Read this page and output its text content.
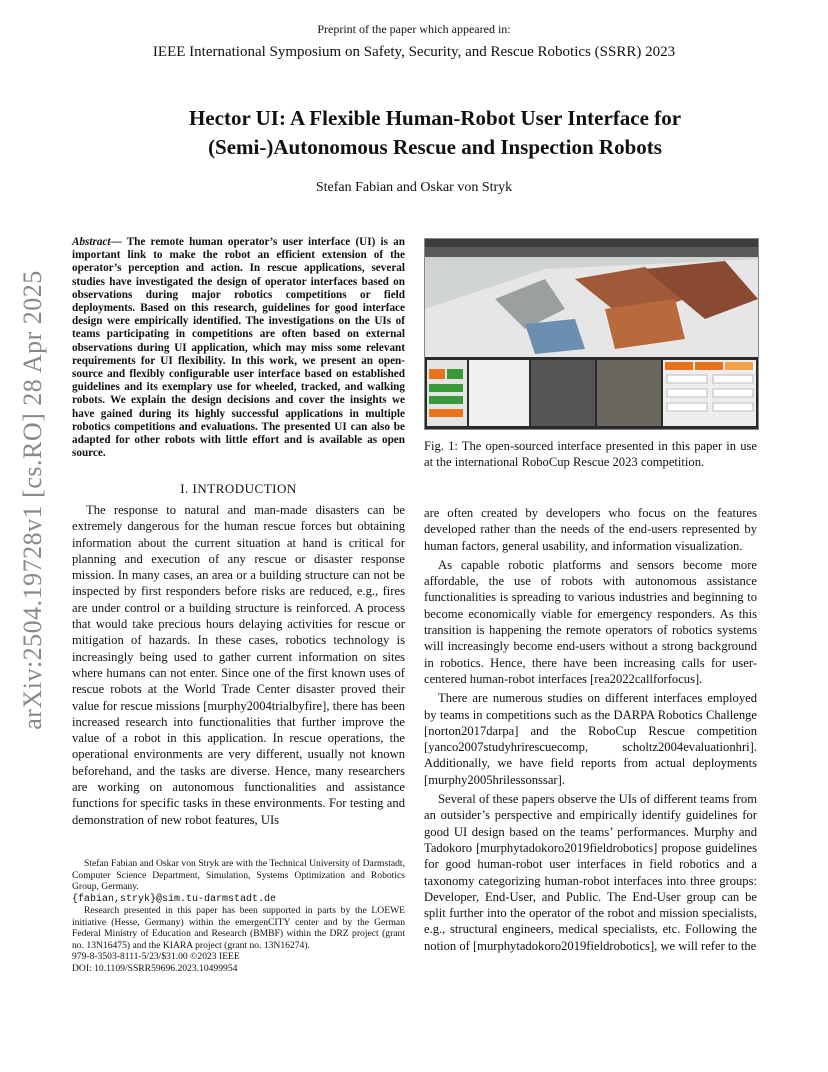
Preprint of the paper which appeared in:
IEEE International Symposium on Safety, Security, and Rescue Robotics (SSRR) 2023
Hector UI: A Flexible Human-Robot User Interface for (Semi-)Autonomous Rescue and Inspection Robots
Stefan Fabian and Oskar von Stryk
arXiv:2504.19728v1 [cs.RO] 28 Apr 2025
Abstract— The remote human operator’s user interface (UI) is an important link to make the robot an efficient extension of the operator’s perception and action. In rescue applications, several studies have investigated the design of operator interfaces based on observations during major robotics competitions or field deployments. Based on this research, guidelines for good interface design were empirically identified. The investigations on the UIs of teams participating in competitions are often based on external observations during UI application, which may miss some relevant requirements for UI flexibility. In this work, we present an open-source and flexibly configurable user interface based on established guidelines and its exemplary use for wheeled, tracked, and walking robots. We explain the design decisions and cover the insights we have gained during its highly successful applications in multiple robotics competitions and evaluations. The presented UI can also be adapted for other robots with little effort and is available as open source.
I. INTRODUCTION

The response to natural and man-made disasters can be extremely dangerous for the human rescue forces but obtaining information about the current situation at hand is critical for planning and execution of any rescue or disaster response mission. In many cases, an area or a building structure can not be inspected by first responders before risks are reduced, e.g., fires are under control or a building structure is reinforced. A process that would take precious hours delaying activities for rescue or mitigation of hazards. In these cases, robotics technology is increasingly being used to gather current information on sites where humans can not enter. Since one of the first known uses of rescue robots at the World Trade Center disaster proved their value for rescue missions [murphy2004trialbyfire], there has been increased research into functionalities that further improve the value of a robot in this application. In rescue operations, the operational environments are very different, usually not known beforehand, and the tasks are diverse. Hence, many researchers are working on autonomous functionalities and assistance functions for specific tasks in these environments. For testing and demonstration of new robot features, UIs

Stefan Fabian and Oskar von Stryk are with the Technical University of Darmstadt, Computer Science Department, Simulation, Systems Optimization and Robotics Group, Germany.

{fabian,stryk}@sim.tu-darmstadt.de

Research presented in this paper has been supported in parts by the LOEWE initiative (Hesse, Germany) within the emergenCITY center and by the German Federal Ministry of Education and Research (BMBF) within the DRZ project (grant no. 13N16475) and the KIARA project (grant no. 13N16274).

979-8-3503-8111-5/23/$31.00 ©2023 IEEE

DOI: 10.1109/SSRR59696.2023.10499954

Fig. 1: The open-sourced interface presented in this paper in use at the international RoboCup Rescue 2023 competition.

are often created by developers who focus on the features developed rather than the needs of the end-users represented by human factors, general usability, and information visualization.

As capable robotic platforms and sensors become more affordable, the use of robots with autonomous assistance functionalities is spreading to various industries and beginning to become economically viable for emergency responders. As this transition is happening the remote operators of robotics systems will increasingly become end-users without a strong background in robotics. Hence, there have been increasing calls for user-centered human-robot interfaces [rea2022callforfocus].

There are numerous studies on different interfaces employed by teams in competitions such as the DARPA Robotics Challenge [norton2017darpa] and the RoboCup Rescue competition [yanco2007studyhrirescuecomp, scholtz2004evaluationhri]. Additionally, we have field reports from actual deployments [murphy2005hrilessonssar].

Several of these papers observe the UIs of different teams from an outsider’s perspective and empirically identify guidelines for good UI design based on the teams’ performances. Murphy and Tadokoro [murphytadokoro2019fieldrobotics] propose guidelines for good human-robot user interfaces in field robotics and a taxonomy categorizing human-robot interfaces into three groups: Developer, End-User, and Public. The End-User group can be split further into the operator of the robot and mission specialists, e.g., structural engineers, medical specialists, etc. Following the notion of [murphytadokoro2019fieldrobotics], we will refer to the
